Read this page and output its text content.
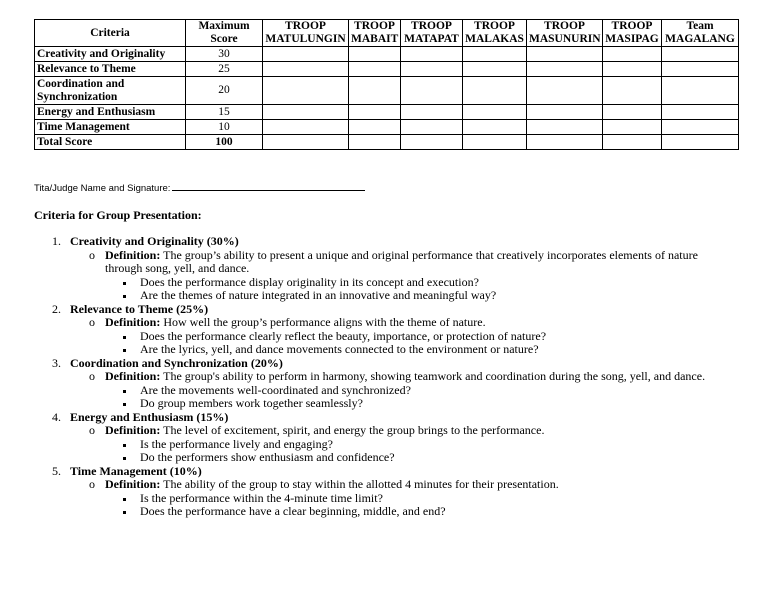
Criteria	Maximum Score	TROOP MATULUNGIN	TROOP MABAIT	TROOP MATAPAT	TROOP MALAKAS	TROOP MASUNURIN	TROOP MASIPAG	Team MAGALANG
Creativity and Originality	30							
Relevance to Theme	25							
Coordination and Synchronization	20							
Energy and Enthusiasm	15							
Time Management	10							
Total Score	100							
Tita/Judge Name and Signature:
Criteria for Group Presentation:
1. Creativity and Originality (30%)
o Definition: The group’s ability to present a unique and original performance that creatively incorporates elements of nature through song, yell, and dance.
Does the performance display originality in its concept and execution?
Are the themes of nature integrated in an innovative and meaningful way?
2. Relevance to Theme (25%)
o Definition: How well the group’s performance aligns with the theme of nature.
Does the performance clearly reflect the beauty, importance, or protection of nature?
Are the lyrics, yell, and dance movements connected to the environment or nature?
3. Coordination and Synchronization (20%)
o Definition: The group's ability to perform in harmony, showing teamwork and coordination during the song, yell, and dance.
Are the movements well-coordinated and synchronized?
Do group members work together seamlessly?
4. Energy and Enthusiasm (15%)
o Definition: The level of excitement, spirit, and energy the group brings to the performance.
Is the performance lively and engaging?
Do the performers show enthusiasm and confidence?
5. Time Management (10%)
o Definition: The ability of the group to stay within the allotted 4 minutes for their presentation.
Is the performance within the 4-minute time limit?
Does the performance have a clear beginning, middle, and end?
